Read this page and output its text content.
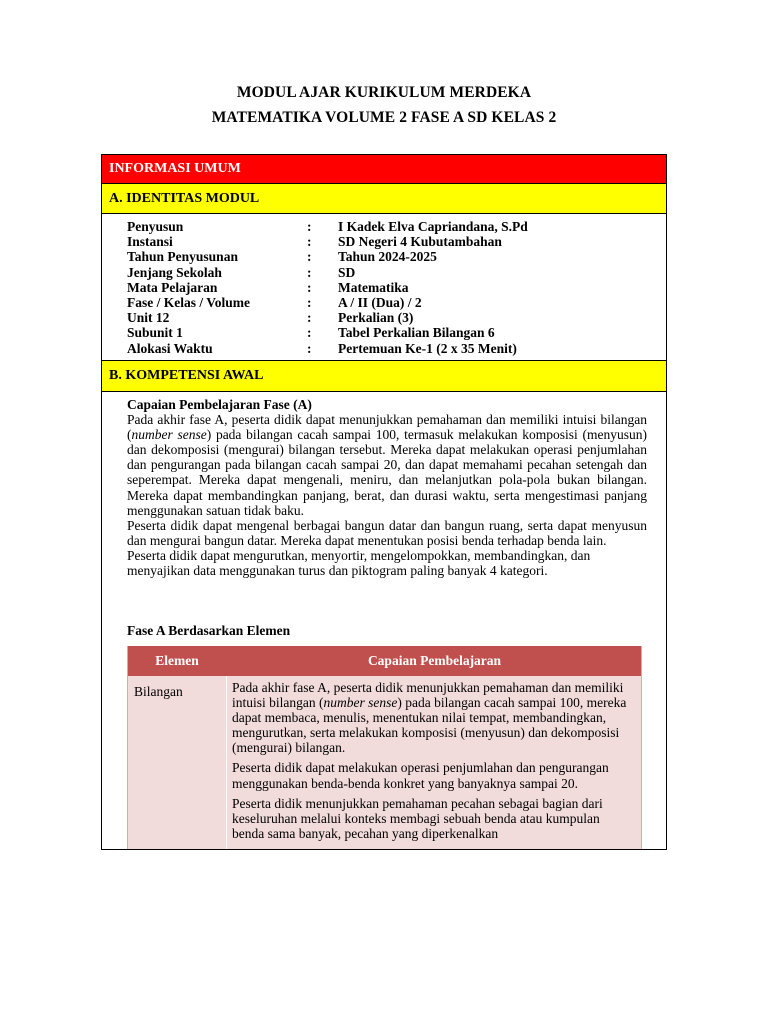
MODUL AJAR KURIKULUM MERDEKA
MATEMATIKA VOLUME 2 FASE A SD KELAS 2
INFORMASI UMUM
A. IDENTITAS MODUL
Penyusun	: I Kadek Elva Capriandana, S.Pd
Instansi	: SD Negeri 4 Kubutambahan
Tahun Penyusunan	: Tahun 2024-2025
Jenjang Sekolah	: SD
Mata Pelajaran	: Matematika
Fase / Kelas / Volume	: A / II (Dua) / 2
Unit 12	: Perkalian (3)
Subunit 1	: Tabel Perkalian Bilangan 6
Alokasi Waktu	: Pertemuan Ke-1 (2 x 35 Menit)
B. KOMPETENSI AWAL
Capaian Pembelajaran Fase (A)

Pada akhir fase A, peserta didik dapat menunjukkan pemahaman dan memiliki intuisi bilangan (number sense) pada bilangan cacah sampai 100, termasuk melakukan komposisi (menyusun) dan dekomposisi (mengurai) bilangan tersebut. Mereka dapat melakukan operasi penjumlahan dan pengurangan pada bilangan cacah sampai 20, dan dapat memahami pecahan setengah dan seperempat. Mereka dapat mengenali, meniru, dan melanjutkan pola-pola bukan bilangan. Mereka dapat membandingkan panjang, berat, dan durasi waktu, serta mengestimasi panjang menggunakan satuan tidak baku.

Peserta didik dapat mengenal berbagai bangun datar dan bangun ruang, serta dapat menyusun dan mengurai bangun datar. Mereka dapat menentukan posisi benda terhadap benda lain.

Peserta didik dapat mengurutkan, menyortir, mengelompokkan, membandingkan, dan menyajikan data menggunakan turus dan piktogram paling banyak 4 kategori.

Fase A Berdasarkan Elemen
Elemen	Capaian Pembelajaran
Bilangan	Pada akhir fase A, peserta didik menunjukkan pemahaman dan memiliki intuisi bilangan (number sense) pada bilangan cacah sampai 100, mereka dapat membaca, menulis, menentukan nilai tempat, membandingkan, mengurutkan, serta melakukan komposisi (menyusun) dan dekomposisi (mengurai) bilangan.

Peserta didik dapat melakukan operasi penjumlahan dan pengurangan menggunakan benda-benda konkret yang banyaknya sampai 20.

Peserta didik menunjukkan pemahaman pecahan sebagai bagian dari keseluruhan melalui konteks membagi sebuah benda atau kumpulan benda sama banyak, pecahan yang diperkenalkan
